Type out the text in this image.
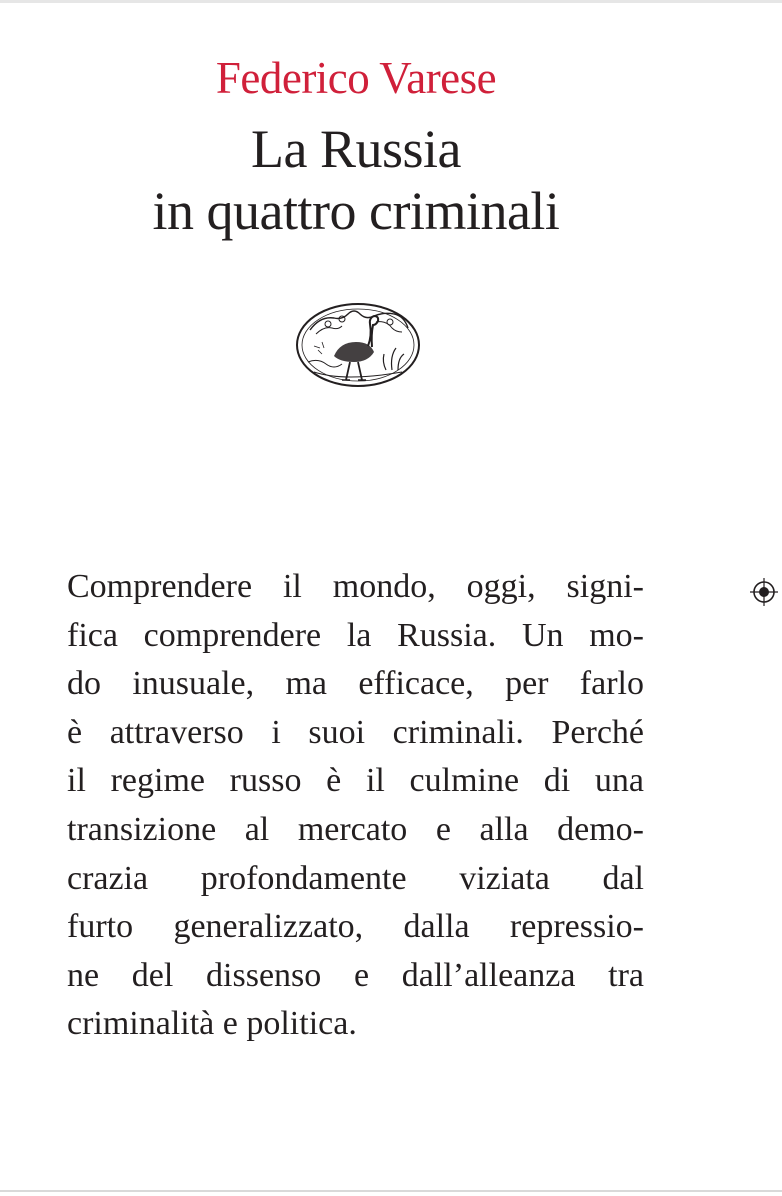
Federico Varese
La Russia
in quattro criminali
Comprendere il mondo, oggi, signi-
fica comprendere la Russia. Un mo-
do inusuale, ma efficace, per farlo
è attraverso i suoi criminali. Perché
il regime russo è il culmine di una
transizione al mercato e alla demo-
crazia profondamente viziata dal
furto generalizzato, dalla repressio-
ne del dissenso e dall’alleanza tra
criminalità e politica.
